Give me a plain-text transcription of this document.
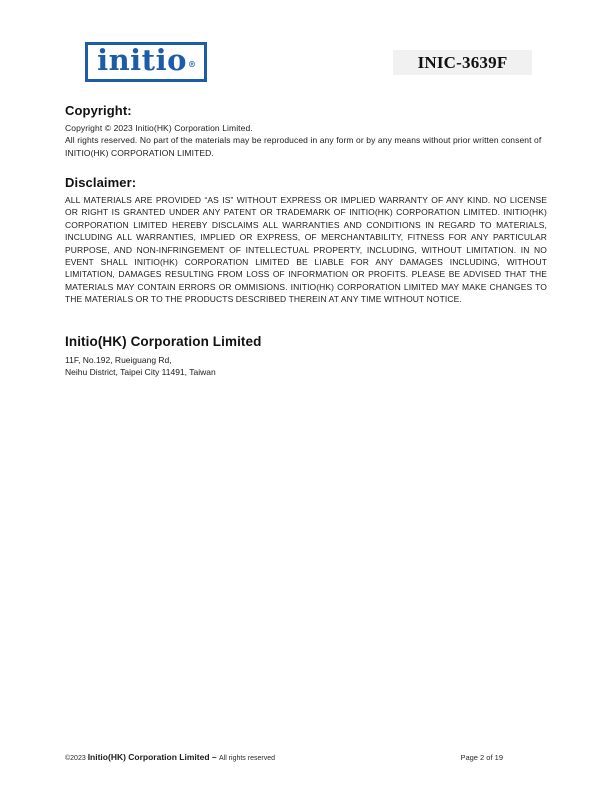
initio ®	INIC-3639F
Copyright:
Copyright © 2023 Initio(HK) Corporation Limited.
All rights reserved. No part of the materials may be reproduced in any form or by any means without prior written consent of INITIO(HK) CORPORATION LIMITED.
Disclaimer:
ALL MATERIALS ARE PROVIDED “AS IS” WITHOUT EXPRESS OR IMPLIED WARRANTY OF ANY KIND. NO LICENSE OR RIGHT IS GRANTED UNDER ANY PATENT OR TRADEMARK OF INITIO(HK) CORPORATION LIMITED. INITIO(HK) CORPORATION LIMITED HEREBY DISCLAIMS ALL WARRANTIES AND CONDITIONS IN REGARD TO MATERIALS, INCLUDING ALL WARRANTIES, IMPLIED OR EXPRESS, OF MERCHANTABILITY, FITNESS FOR ANY PARTICULAR PURPOSE, AND NON-INFRINGEMENT OF INTELLECTUAL PROPERTY, INCLUDING, WITHOUT LIMITATION. IN NO EVENT SHALL INITIO(HK) CORPORATION LIMITED BE LIABLE FOR ANY DAMAGES INCLUDING, WITHOUT LIMITATION, DAMAGES RESULTING FROM LOSS OF INFORMATION OR PROFITS. PLEASE BE ADVISED THAT THE MATERIALS MAY CONTAIN ERRORS OR OMMISIONS. INITIO(HK) CORPORATION LIMITED MAY MAKE CHANGES TO THE MATERIALS OR TO THE PRODUCTS DESCRIBED THEREIN AT ANY TIME WITHOUT NOTICE.
Initio(HK) Corporation Limited
11F, No.192, Rueiguang Rd,
Neihu District, Taipei City 11491, Taiwan
©2023 Initio(HK) Corporation Limited – All rights reserved	Page 2 of 19
